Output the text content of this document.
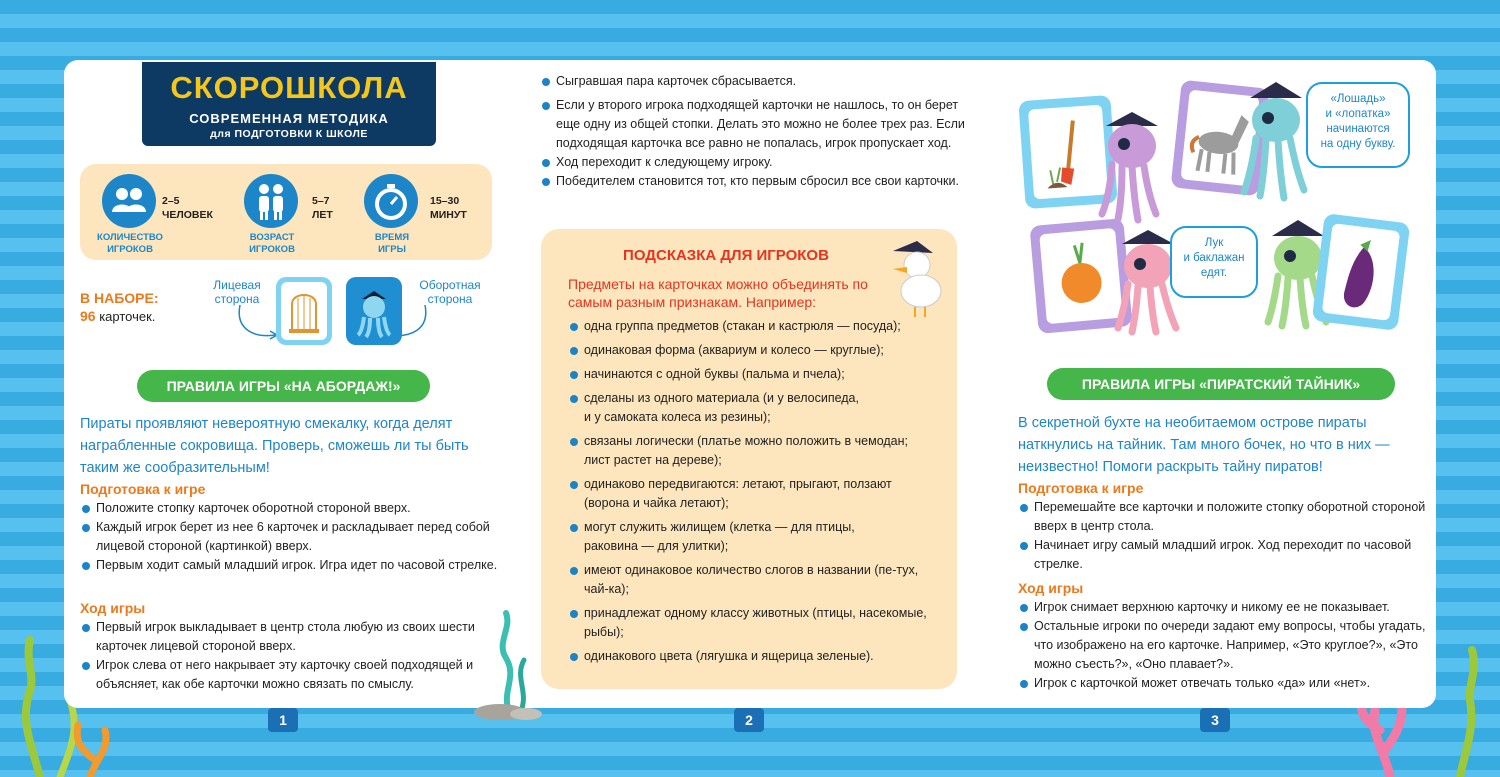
СКОРОШКОЛА
СОВРЕМЕННАЯ МЕТОДИКА
для ПОДГОТОВКИ К ШКОЛЕ
2–5
ЧЕЛОВЕК
КОЛИЧЕСТВО
ИГРОКОВ
5–7
ЛЕТ
ВОЗРАСТ
ИГРОКОВ
15–30
МИНУТ
ВРЕМЯ
ИГРЫ
В НАБОРЕ:
96 карточек.
Лицевая
сторона
Оборотная
сторона
ПРАВИЛА ИГРЫ «НА АБОРДАЖ!»
Пираты проявляют невероятную смекалку, когда делят награбленные сокровища. Проверь, сможешь ли ты быть таким же сообразительным!
Подготовка к игре
Положите стопку карточек оборотной стороной вверх.
Каждый игрок берет из нее 6 карточек и раскладывает перед собой лицевой стороной (картинкой) вверх.
Первым ходит самый младший игрок. Игра идет по часовой стрелке.
Ход игры
Первый игрок выкладывает в центр стола любую из своих шести карточек лицевой стороной вверх.
Игрок слева от него накрывает эту карточку своей подходящей и объясняет, как обе карточки можно связать по смыслу.
Сыгравшая пара карточек сбрасывается.
Если у второго игрока подходящей карточки не нашлось, то он берет еще одну из общей стопки. Делать это можно не более трех раз. Если подходящая карточка все равно не попалась, игрок пропускает ход.
Ход переходит к следующему игроку.
Победителем становится тот, кто первым сбросил все свои карточки.
ПОДСКАЗКА ДЛЯ ИГРОКОВ
Предметы на карточках можно объединять по самым разным признакам. Например:
одна группа предметов (стакан и кастрюля — посуда);
одинаковая форма (аквариум и колесо — круглые);
начинаются с одной буквы (пальма и пчела);
сделаны из одного материала (и у велосипеда,
и у самоката колеса из резины);
связаны логически (платье можно положить в чемодан;
лист растет на дереве);
одинаково передвигаются: летают, прыгают, ползают
(ворона и чайка летают);
могут служить жилищем (клетка — для птицы,
раковина — для улитки);
имеют одинаковое количество слогов в названии (пе-тух,
чай-ка);
принадлежат одному классу животных (птицы, насекомые,
рыбы);
одинакового цвета (лягушка и ящерица зеленые).
«Лошадь»
и «лопатка»
начинаются
на одну букву.
Лук
и баклажан
едят.
ПРАВИЛА ИГРЫ «ПИРАТСКИЙ ТАЙНИК»
В секретной бухте на необитаемом острове пираты наткнулись на тайник. Там много бочек, но что в них — неизвестно! Помоги раскрыть тайну пиратов!
Подготовка к игре
Перемешайте все карточки и положите стопку оборотной стороной вверх в центр стола.
Начинает игру самый младший игрок. Ход переходит по часовой стрелке.
Ход игры
Игрок снимает верхнюю карточку и никому ее не показывает.
Остальные игроки по очереди задают ему вопросы, чтобы угадать, что изображено на его карточке. Например, «Это круглое?», «Это можно съесть?», «Оно плавает?».
Игрок с карточкой может отвечать только «да» или «нет».
1	2	3
